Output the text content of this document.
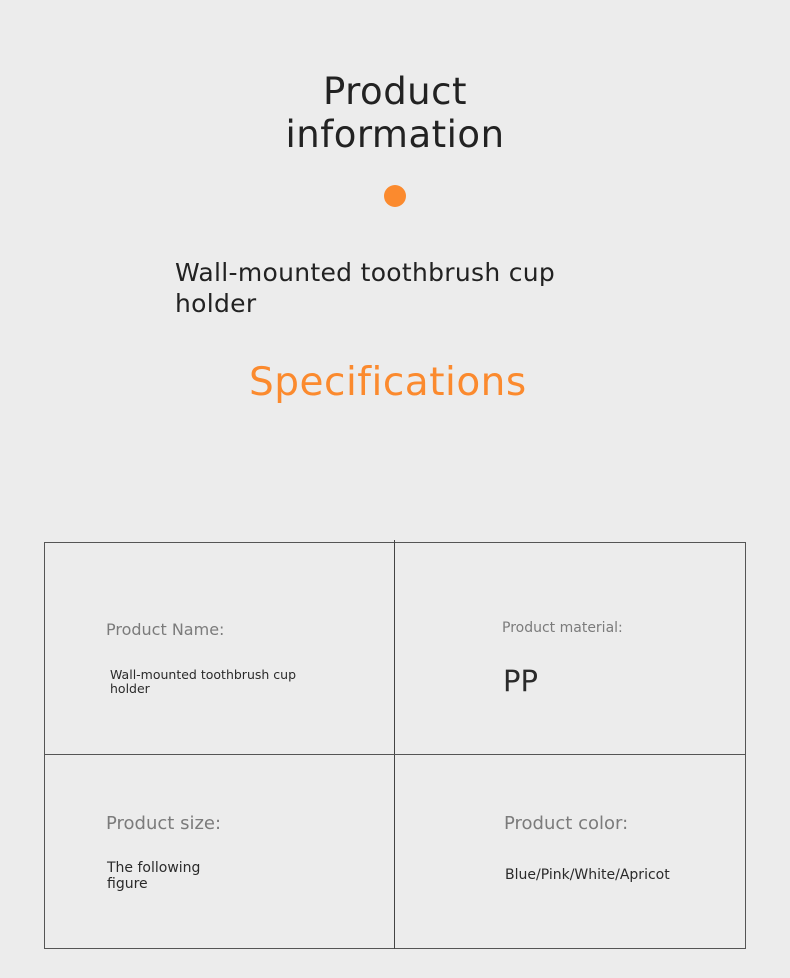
Product
information
Wall-mounted toothbrush cup holder
Specifications
Product Name:
Wall-mounted toothbrush cup holder
Product material:
PP
Product size:
The following figure
Product color:
Blue/Pink/White/Apricot
